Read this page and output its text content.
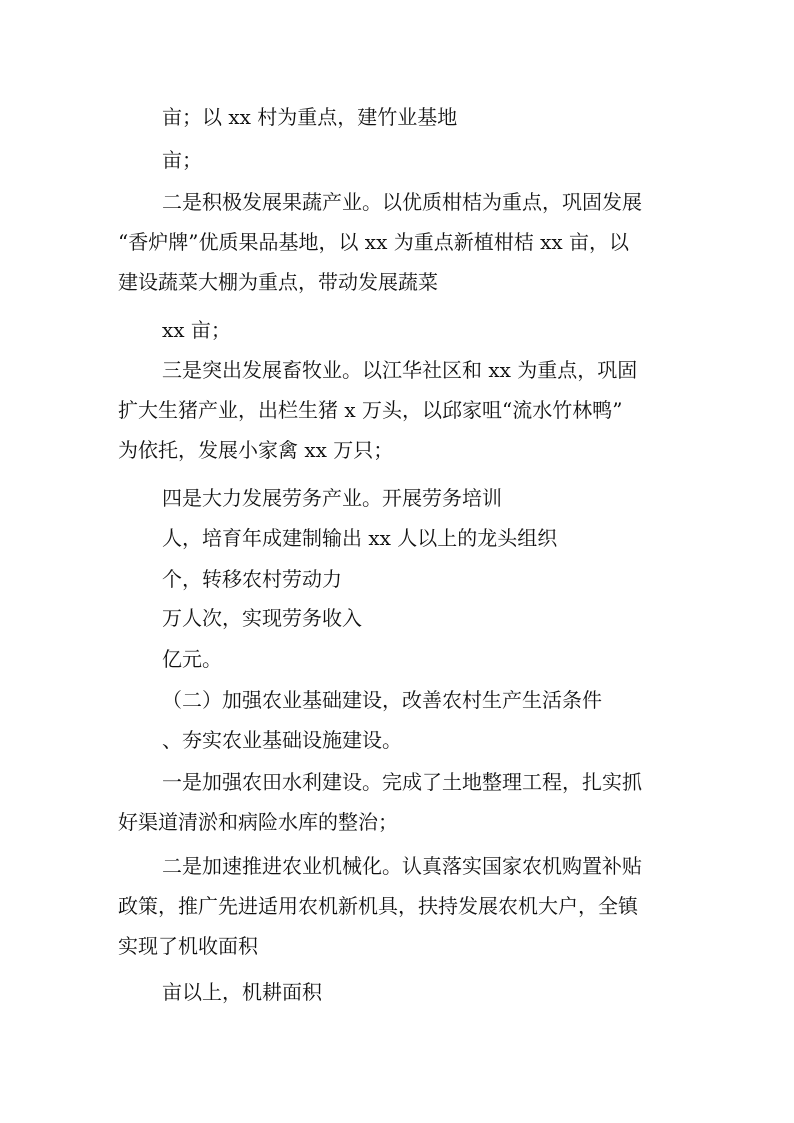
亩；以 xx 村为重点，建竹业基地
亩；
二是积极发展果蔬产业。以优质柑桔为重点，巩固发展
“香炉牌”优质果品基地，以 xx 为重点新植柑桔 xx 亩，以
建设蔬菜大棚为重点，带动发展蔬菜
xx 亩；
三是突出发展畜牧业。以江华社区和 xx 为重点，巩固
扩大生猪产业，出栏生猪 x 万头，以邱家咀“流水竹林鸭”
为依托，发展小家禽 xx 万只；
四是大力发展劳务产业。开展劳务培训
人，培育年成建制输出 xx 人以上的龙头组织
个，转移农村劳动力
万人次，实现劳务收入
亿元。
（二）加强农业基础建设，改善农村生产生活条件
、夯实农业基础设施建设。
一是加强农田水利建设。完成了土地整理工程，扎实抓
好渠道清淤和病险水库的整治；
二是加速推进农业机械化。认真落实国家农机购置补贴
政策，推广先进适用农机新机具，扶持发展农机大户，全镇
实现了机收面积
亩以上，机耕面积
